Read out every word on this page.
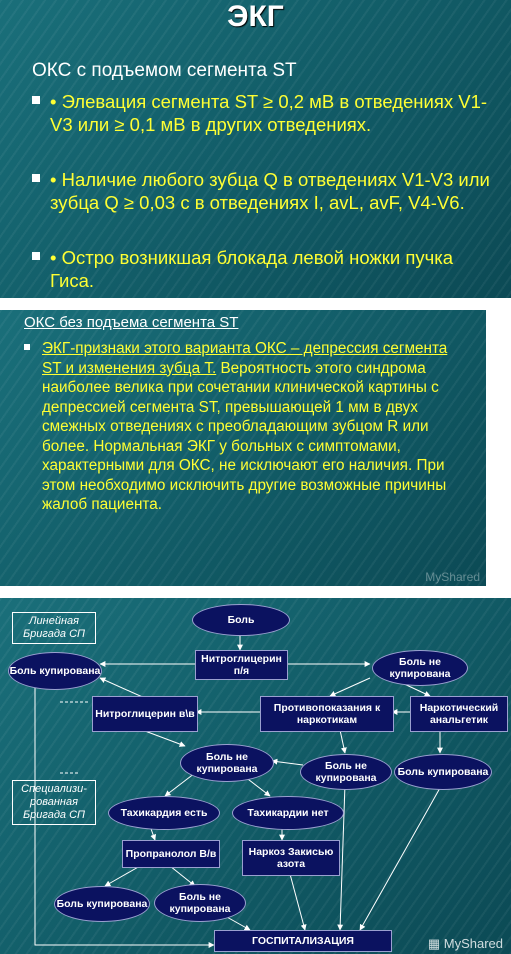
ЭКГ
ОКС с подъемом сегмента ST
• Элевация сегмента ST ≥ 0,2 мВ в отведениях V1-V3 или ≥ 0,1 мВ в других отведениях.
• Наличие любого зубца Q в отведениях V1-V3 или зубца Q ≥ 0,03 с в отведениях I, avL, avF, V4-V6.
• Остро возникшая блокада левой ножки пучка Гиса.
ОКС без подъема сегмента ST
ЭКГ-признаки этого варианта ОКС – депрессия сегмента ST и изменения зубца Т. Вероятность этого синдрома наиболее велика при сочетании клинической картины с депрессией сегмента ST, превышающей 1 мм в двух смежных отведениях с преобладающим зубцом R или более. Нормальная ЭКГ у больных с симптомами, характерными для ОКС, не исключают его наличия. При этом необходимо исключить другие возможные причины жалоб пациента.
MyShared
Линейная Бригада СП
Специализи-рованная Бригада СП
Боль
Нитроглицерин п/я
Боль купирована
Боль не купирована
Нитроглицерин в\в	Противопоказания к наркотикам
Наркотический анальгетик
Боль не купирована	Боль не купирована	Боль купирована
Тахикардия есть	Тахикардии нет
Пропранолол В/в	Наркоз Закисью азота
Боль купирована
Боль не купирована
ГОСПИТАЛИЗАЦИЯ	▦ MyShared
